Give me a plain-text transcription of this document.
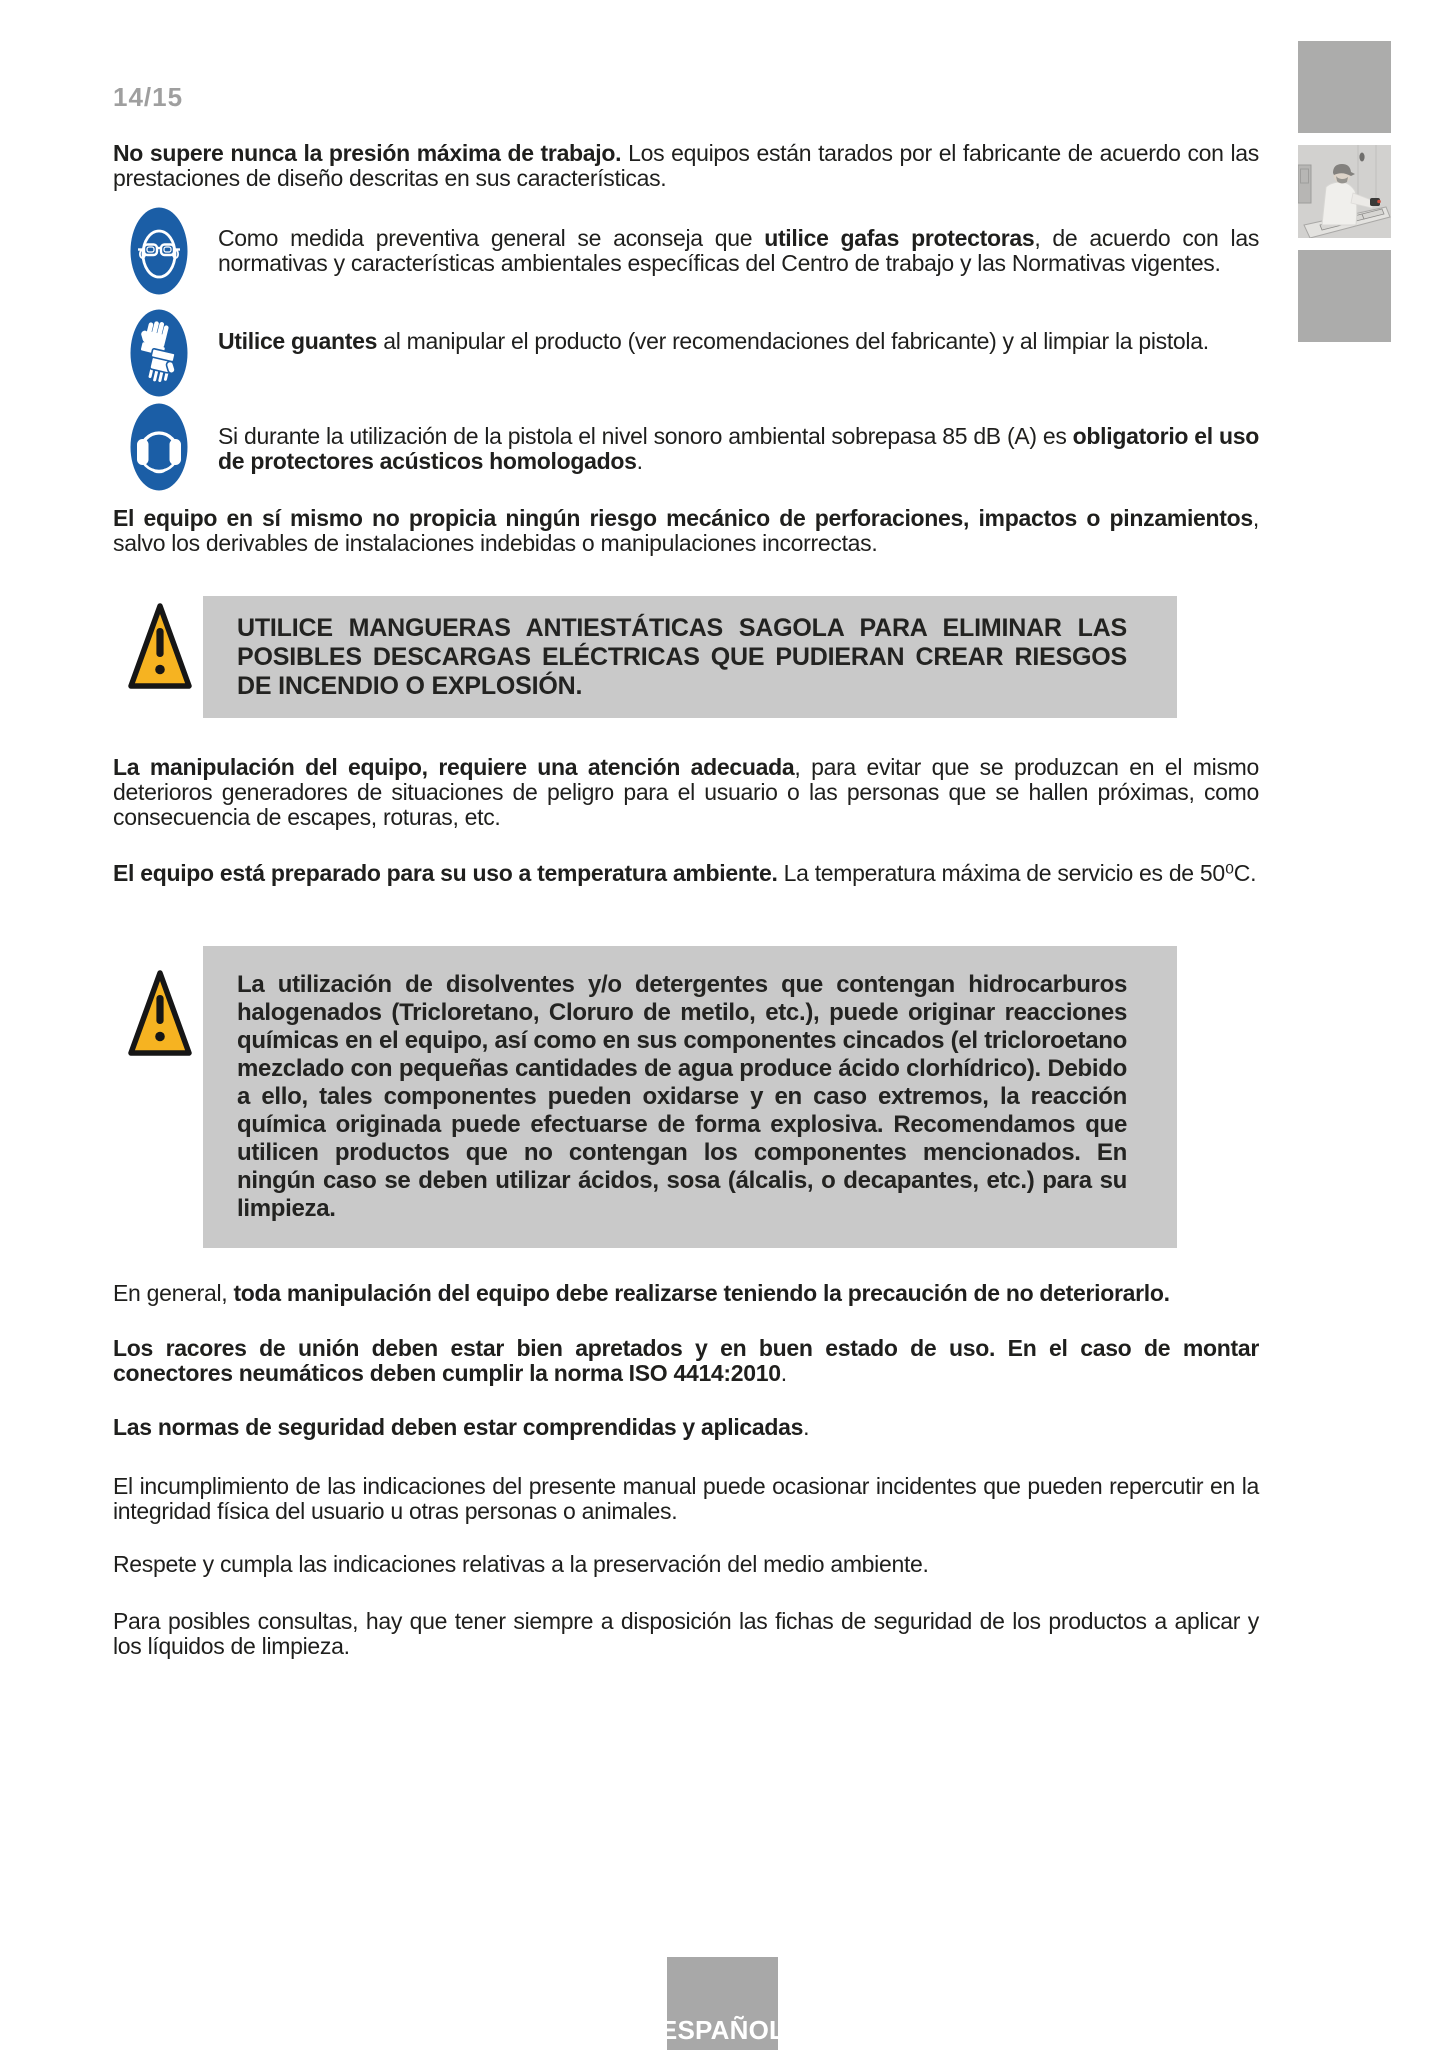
14/15
No supere nunca la presión máxima de trabajo. Los equipos están tarados por el fabricante de acuerdo con las prestaciones de diseño descritas en sus características.
Como medida preventiva general se aconseja que utilice gafas protectoras, de acuerdo con las normativas y características ambientales específicas del Centro de trabajo y las Normativas vigentes.
Utilice guantes al manipular el producto (ver recomendaciones del fabricante) y al limpiar la pistola.
Si durante la utilización de la pistola el nivel sonoro ambiental sobrepasa 85 dB (A) es obligatorio el uso de protectores acústicos homologados.
El equipo en sí mismo no propicia ningún riesgo mecánico de perforaciones, impactos o pinzamientos, salvo los derivables de instalaciones indebidas o manipulaciones incorrectas.
UTILICE MANGUERAS ANTIESTÁTICAS SAGOLA PARA ELIMINAR LAS POSIBLES DESCARGAS ELÉCTRICAS QUE PUDIERAN CREAR RIESGOS DE INCENDIO O EXPLOSIÓN.
La manipulación del equipo, requiere una atención adecuada, para evitar que se produzcan en el mismo deterioros generadores de situaciones de peligro para el usuario o las personas que se hallen próximas, como consecuencia de escapes, roturas, etc.
El equipo está preparado para su uso a temperatura ambiente. La temperatura máxima de servicio es de 50⁰C.
La utilización de disolventes y/o detergentes que contengan hidrocarburos halogenados (Tricloretano, Cloruro de metilo, etc.), puede originar reacciones químicas en el equipo, así como en sus componentes cincados (el tricloroetano mezclado con pequeñas cantidades de agua produce ácido clorhídrico). Debido a ello, tales componentes pueden oxidarse y en caso extremos, la reacción química originada puede efectuarse de forma explosiva. Recomendamos que utilicen productos que no contengan los componentes mencionados. En ningún caso se deben utilizar ácidos, sosa (álcalis, o decapantes, etc.) para su limpieza.
En general, toda manipulación del equipo debe realizarse teniendo la precaución de no deteriorarlo.
Los racores de unión deben estar bien apretados y en buen estado de uso. En el caso de montar conectores neumáticos deben cumplir la norma ISO 4414:2010.
Las normas de seguridad deben estar comprendidas y aplicadas.
El incumplimiento de las indicaciones del presente manual puede ocasionar incidentes que pueden repercutir en la integridad física del usuario u otras personas o animales.
Respete y cumpla las indicaciones relativas a la preservación del medio ambiente.
Para posibles consultas, hay que tener siempre a disposición las fichas de seguridad de los productos a aplicar y los líquidos de limpieza.
ESPAÑOL
